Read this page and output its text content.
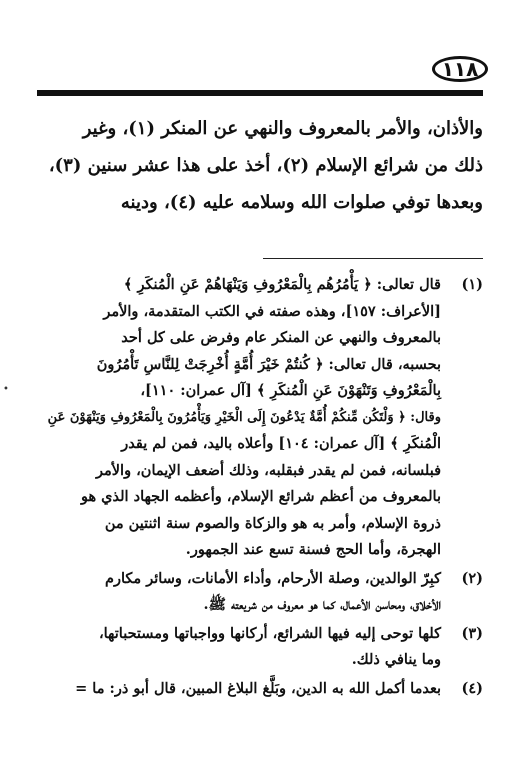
١١٨

والأذان، والأمر بالمعروف والنهي عن المنكر (١)، وغير

ذلك من شرائع الإسلام (٢)، أخذ على هذا عشر سنين (٣)،

وبعدها توفي صلوات الله وسلامه عليه (٤)، ودينه

(١)

قال تعالى: ﴿ يَأْمُرُهُم بِالْمَعْرُوفِ وَيَنْهَاهُمْ عَنِ الْمُنكَرِ ﴾

[الأعراف: ١٥٧]، وهذه صفته في الكتب المتقدمة، والأمر

بالمعروف والنهي عن المنكر عام وفرض على كل أحد

بحسبه، قال تعالى: ﴿ كُنتُمْ خَيْرَ أُمَّةٍ أُخْرِجَتْ لِلنَّاسِ تَأْمُرُونَ

بِالْمَعْرُوفِ وَتَنْهَوْنَ عَنِ الْمُنكَرِ ﴾ [آل عمران: ١١٠]،

وقال: ﴿ وَلْتَكُن مِّنكُمْ أُمَّةٌ يَدْعُونَ إِلَى الْخَيْرِ وَيَأْمُرُونَ بِالْمَعْرُوفِ وَيَنْهَوْنَ عَنِ

الْمُنكَرِ ﴾ [آل عمران: ١٠٤] وأعلاه باليد، فمن لم يقدر

فبلسانه، فمن لم يقدر فبقلبه، وذلك أضعف الإيمان، والأمر

بالمعروف من أعظم شرائع الإسلام، وأعظمه الجهاد الذي هو

ذروة الإسلام، وأمر به هو والزكاة والصوم سنة اثنتين من

الهجرة، وأما الحج فسنة تسع عند الجمهور.

(٢)

كبِرّ الوالدين، وصلة الأرحام، وأداء الأمانات، وسائر مكارم

الأخلاق، ومحاسن الأعمال، كما هو معروف من شريعته ﷺ.

(٣)

كلها توحى إليه فيها الشرائع، أركانها وواجباتها ومستحباتها،

وما ينافي ذلك.

(٤)

بعدما أكمل الله به الدين، وبَلَّغ البلاغ المبين، قال أبو ذر: ما =

•
